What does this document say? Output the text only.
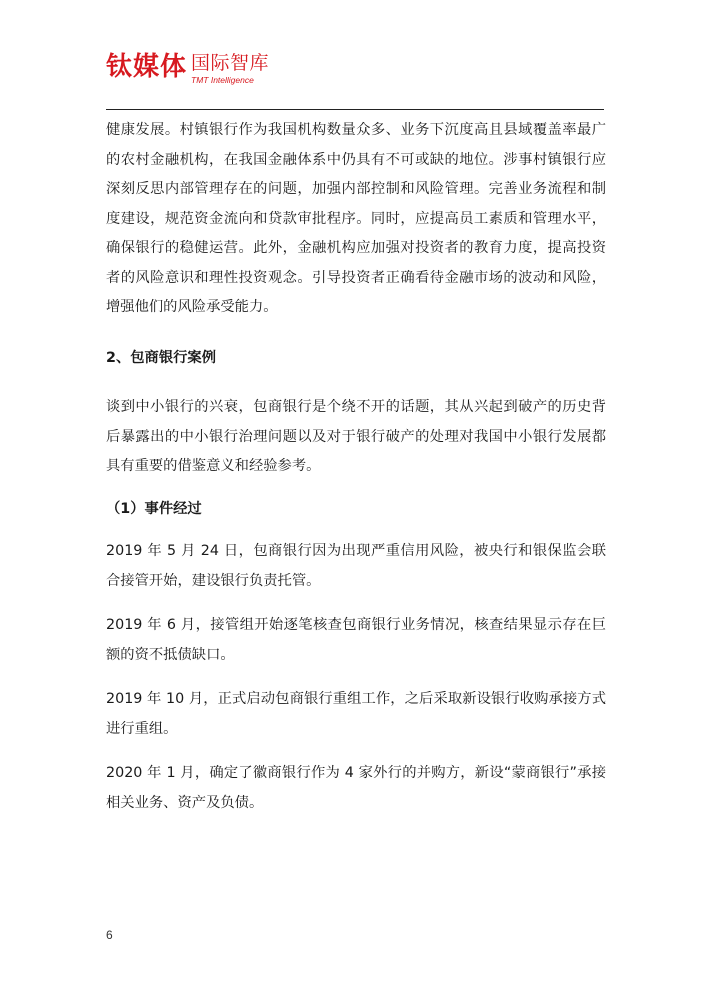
钛媒体 国际智库
TMT Intelligence

健康发展。村镇银行作为我国机构数量众多、业务下沉度高且县域覆盖率最广的农村金融机构，在我国金融体系中仍具有不可或缺的地位。涉事村镇银行应深刻反思内部管理存在的问题，加强内部控制和风险管理。完善业务流程和制度建设，规范资金流向和贷款审批程序。同时，应提高员工素质和管理水平，确保银行的稳健运营。此外，金融机构应加强对投资者的教育力度，提高投资者的风险意识和理性投资观念。引导投资者正确看待金融市场的波动和风险，增强他们的风险承受能力。

2、包商银行案例

谈到中小银行的兴衰，包商银行是个绕不开的话题，其从兴起到破产的历史背后暴露出的中小银行治理问题以及对于银行破产的处理对我国中小银行发展都具有重要的借鉴意义和经验参考。

（1）事件经过

2019 年 5 月 24 日，包商银行因为出现严重信用风险，被央行和银保监会联合接管开始，建设银行负责托管。

2019 年 6 月，接管组开始逐笔核查包商银行业务情况，核查结果显示存在巨额的资不抵债缺口。

2019 年 10 月，正式启动包商银行重组工作，之后采取新设银行收购承接方式进行重组。

2020 年 1 月，确定了徽商银行作为 4 家外行的并购方，新设“蒙商银行”承接相关业务、资产及负债。

6
